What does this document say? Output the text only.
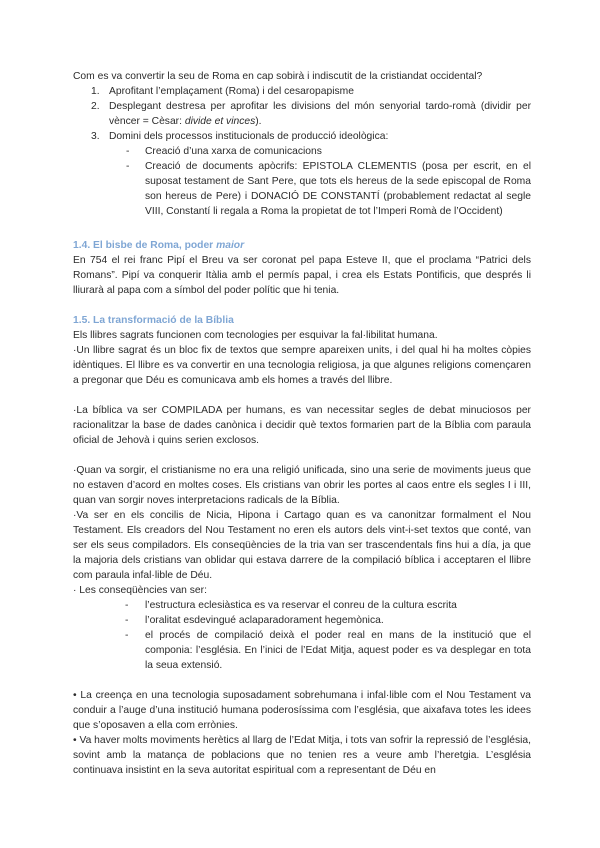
Com es va convertir la seu de Roma en cap sobirà i indiscutit de la cristiandat occidental?

1. Aprofitant l’emplaçament (Roma) i del cesaropapisme
2. Desplegant destresa per aprofitar les divisions del món senyorial tardo-romà (dividir per vèncer = Cèsar: divide et vinces).
3. Domini dels processos institucionals de producció ideològica:
- Creació d’una xarxa de comunicacions
- Creació de documents apòcrifs: EPISTOLA CLEMENTIS (posa per escrit, en el suposat testament de Sant Pere, que tots els hereus de la sede episcopal de Roma son hereus de Pere) i DONACIÓ DE CONSTANTÍ (probablement redactat al segle VIII, Constantí li regala a Roma la propietat de tot l’Imperi Romà de l’Occident)
1.4. El bisbe de Roma, poder maior

En 754 el rei franc Pipí el Breu va ser coronat pel papa Esteve II, que el proclama “Patrici dels Romans”. Pipí va conquerir Itàlia amb el permís papal, i crea els Estats Pontificis, que després li lliurarà al papa com a símbol del poder polític que hi tenia.

1.5. La transformació de la Bíblia

Els llibres sagrats funcionen com tecnologies per esquivar la fal·libilitat humana.

·Un llibre sagrat és un bloc fix de textos que sempre apareixen units, i del qual hi ha moltes còpies idèntiques. El llibre es va convertir en una tecnologia religiosa, ja que algunes religions començaren a pregonar que Déu es comunicava amb els homes a través del llibre.

·La bíblica va ser COMPILADA per humans, es van necessitar segles de debat minuciosos per racionalitzar la base de dades canònica i decidir què textos formarien part de la Bíblia com paraula oficial de Jehovà i quins serien exclosos.

·Quan va sorgir, el cristianisme no era una religió unificada, sino una serie de moviments jueus que no estaven d’acord en moltes coses. Els cristians van obrir les portes al caos entre els segles I i III, quan van sorgir noves interpretacions radicals de la Bíblia.

·Va ser en els concilis de Nicia, Hipona i Cartago quan es va canonitzar formalment el Nou Testament. Els creadors del Nou Testament no eren els autors dels vint-i-set textos que conté, van ser els seus compiladors. Els conseqüències de la tria van ser trascendentals fins hui a día, ja que la majoria dels cristians van oblidar qui estava darrere de la compilació bíblica i acceptaren el llibre com paraula infal·lible de Déu.

· Les conseqüències van ser:

- l’estructura eclesiàstica es va reservar el conreu de la cultura escrita
- l’oralitat esdevingué aclaparadorament hegemònica.
- el procés de compilació deixà el poder real en mans de la institució que el componia: l’església. En l’inici de l’Edat Mitja, aquest poder es va desplegar en tota la seua extensió.

• La creença en una tecnologia suposadament sobrehumana i infal·lible com el Nou Testament va conduir a l’auge d’una institució humana poderosíssima com l’església, que aixafava totes les idees que s’oposaven a ella com errònies.

• Va haver molts moviments herètics al llarg de l’Edat Mitja, i tots van sofrir la repressió de l’església, sovint amb la matança de poblacions que no tenien res a veure amb l’heretgia. L’església continuava insistint en la seva autoritat espiritual com a representant de Déu en
